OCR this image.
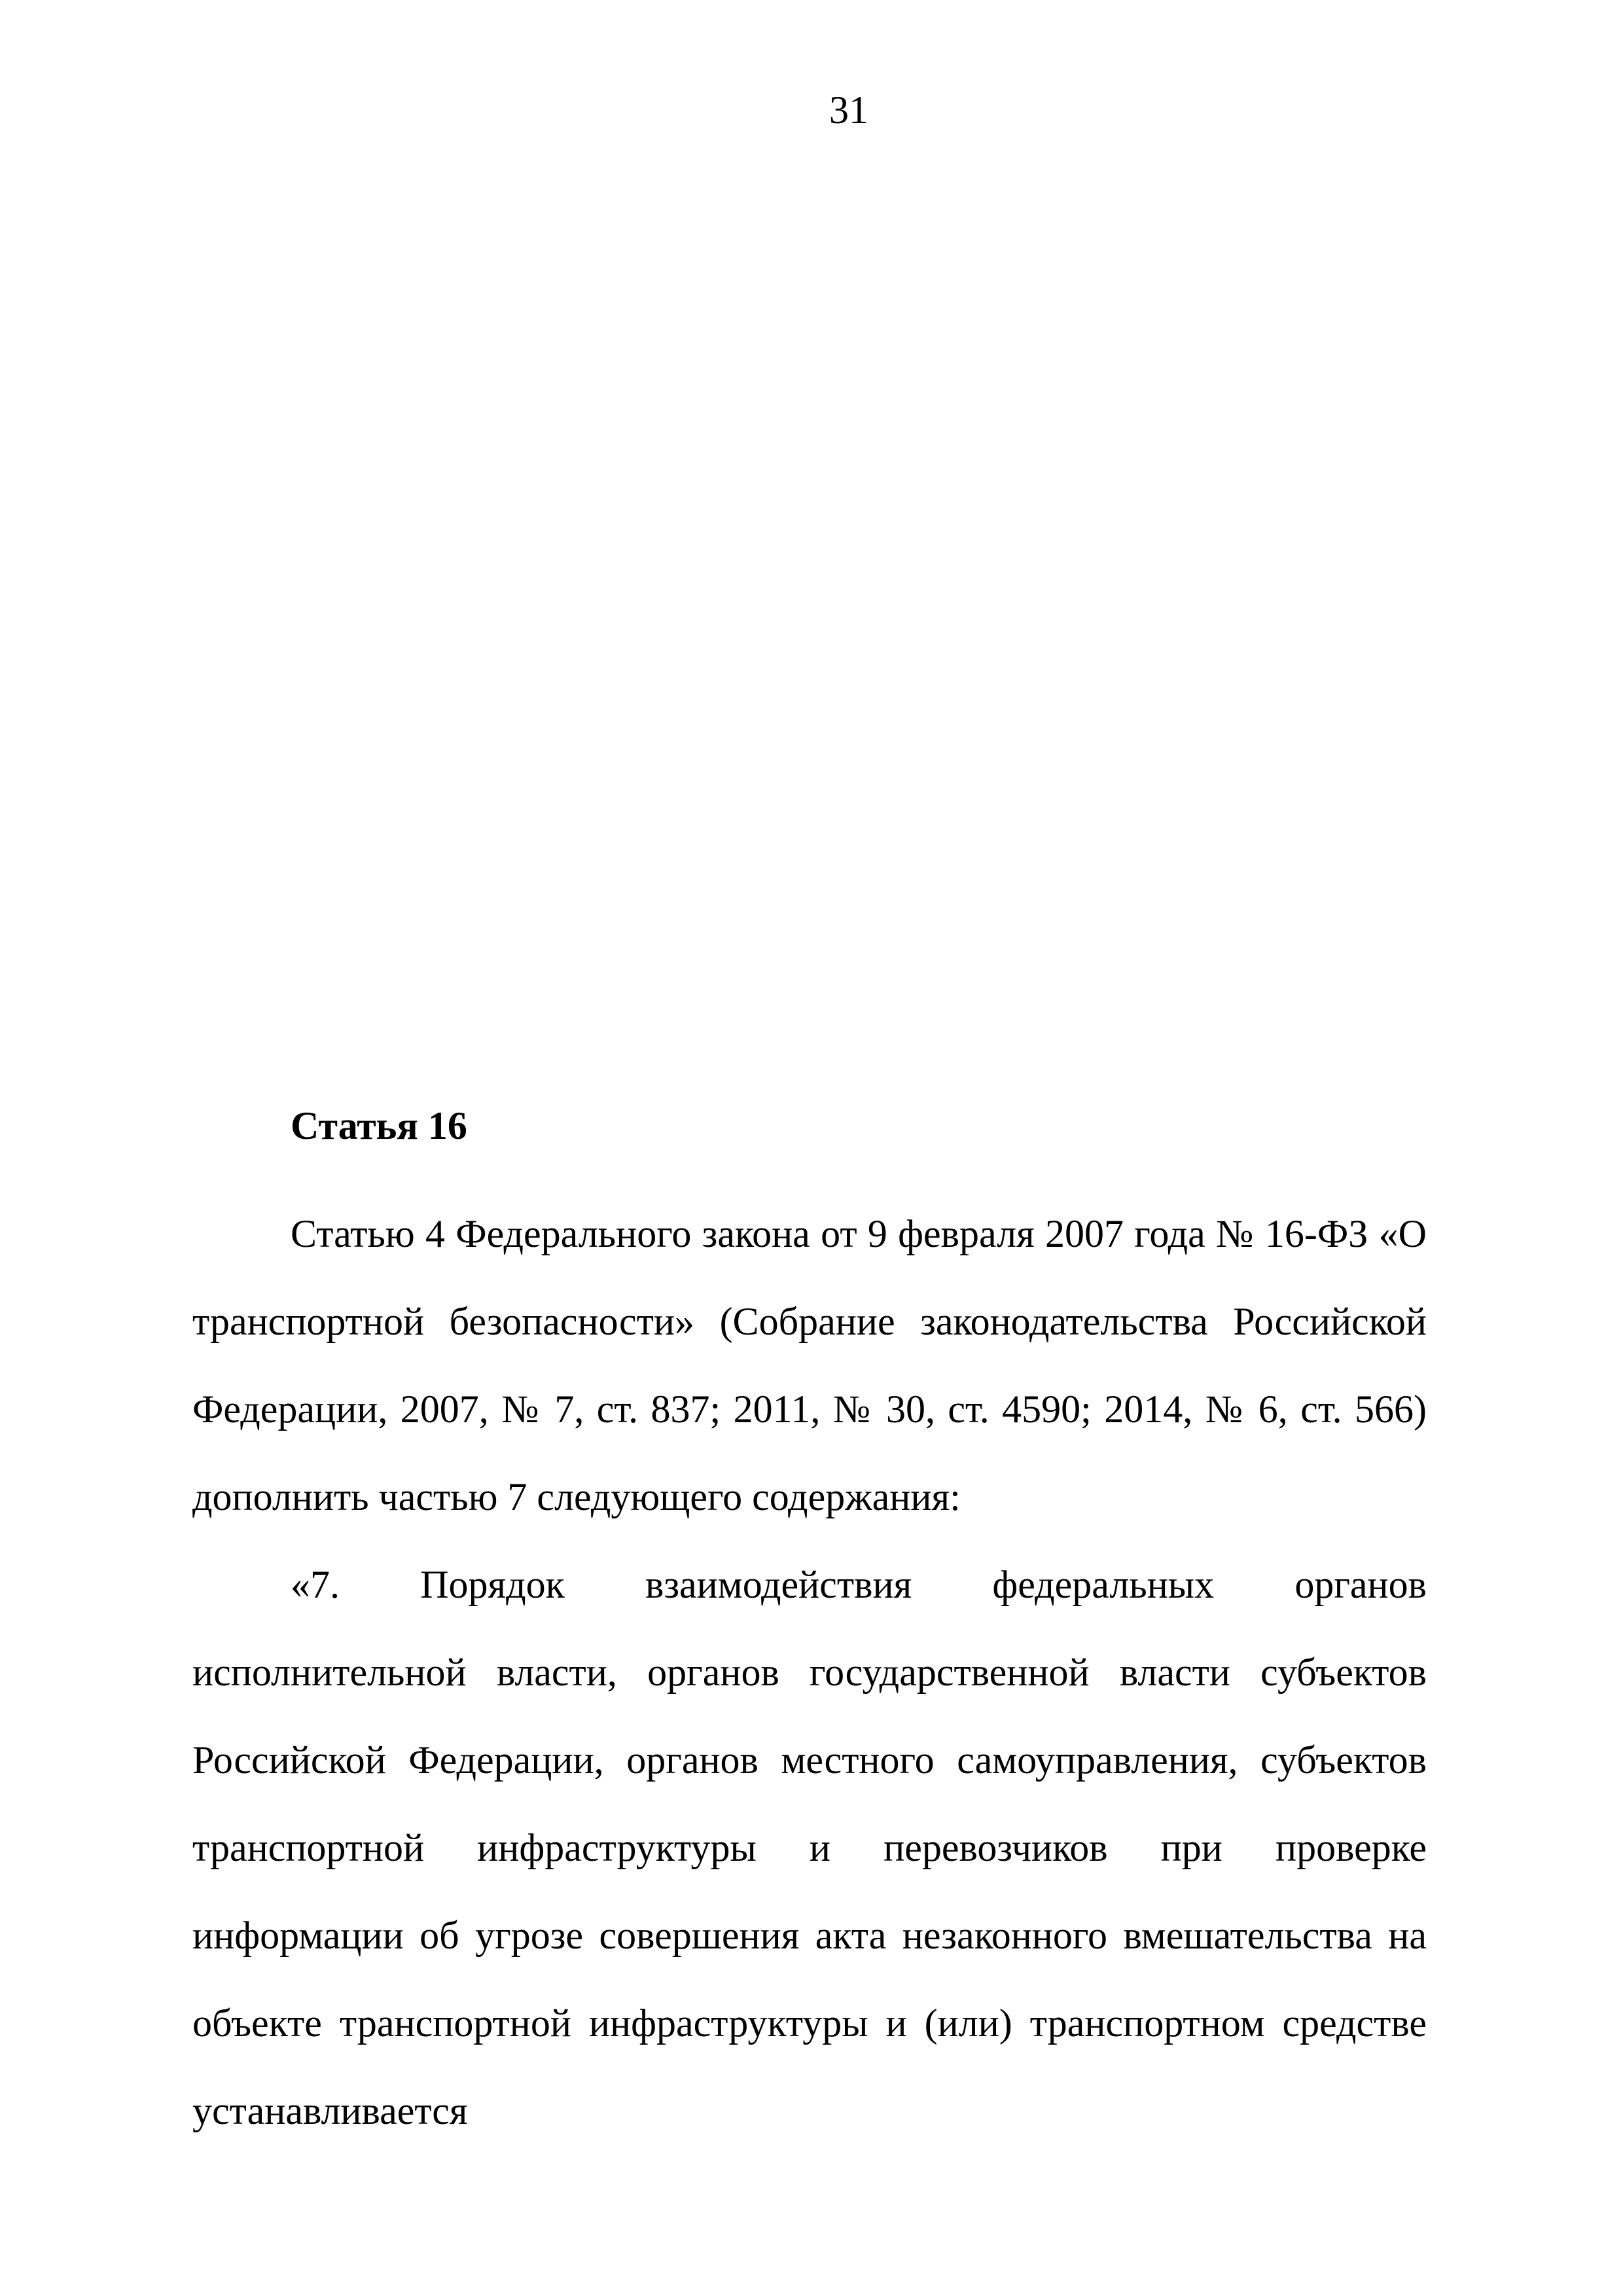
31
Статья 16

Статью 4 Федерального закона от 9 февраля 2007 года № 16-ФЗ «О транспортной безопасности» (Собрание законодательства Российской Федерации, 2007, № 7, ст. 837; 2011, № 30, ст. 4590; 2014, № 6, ст. 566) дополнить частью 7 следующего содержания:

«7. Порядок взаимодействия федеральных органов исполнительной власти, органов государственной власти субъектов Российской Федерации, органов местного самоуправления, субъектов транспортной инфраструктуры и перевозчиков при проверке информации об угрозе совершения акта незаконного вмешательства на объекте транспортной инфраструктуры и (или) транспортном средстве устанавливается
